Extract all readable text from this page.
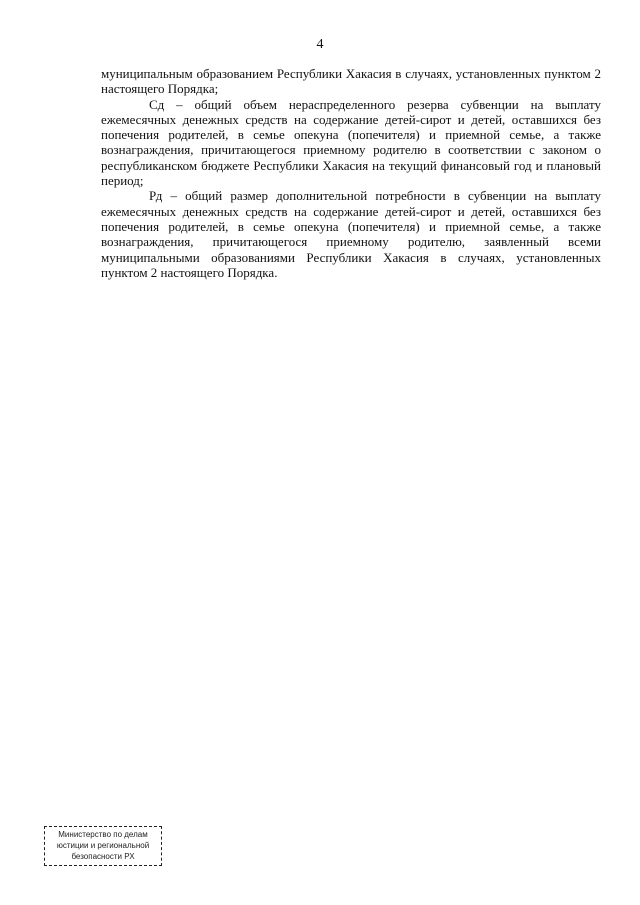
4

муниципальным образованием Республики Хакасия в случаях, установленных пунктом 2 настоящего Порядка;

Сд – общий объем нераспределенного резерва субвенции на выплату ежемесячных денежных средств на содержание детей-сирот и детей, оставшихся без попечения родителей, в семье опекуна (попечителя) и приемной семье, а также вознаграждения, причитающегося приемному родителю в соответствии с законом о республиканском бюджете Республики Хакасия на текущий финансовый год и плановый период;

Рд – общий размер дополнительной потребности в субвенции на выплату ежемесячных денежных средств на содержание детей-сирот и детей, оставшихся без попечения родителей, в семье опекуна (попечителя) и приемной семье, а также вознаграждения, причитающегося приемному родителю, заявленный всеми муниципальными образованиями Республики Хакасия в случаях, установленных пунктом 2 настоящего Порядка.

Министерство по делам
юстиции и региональной
безопасности РХ
